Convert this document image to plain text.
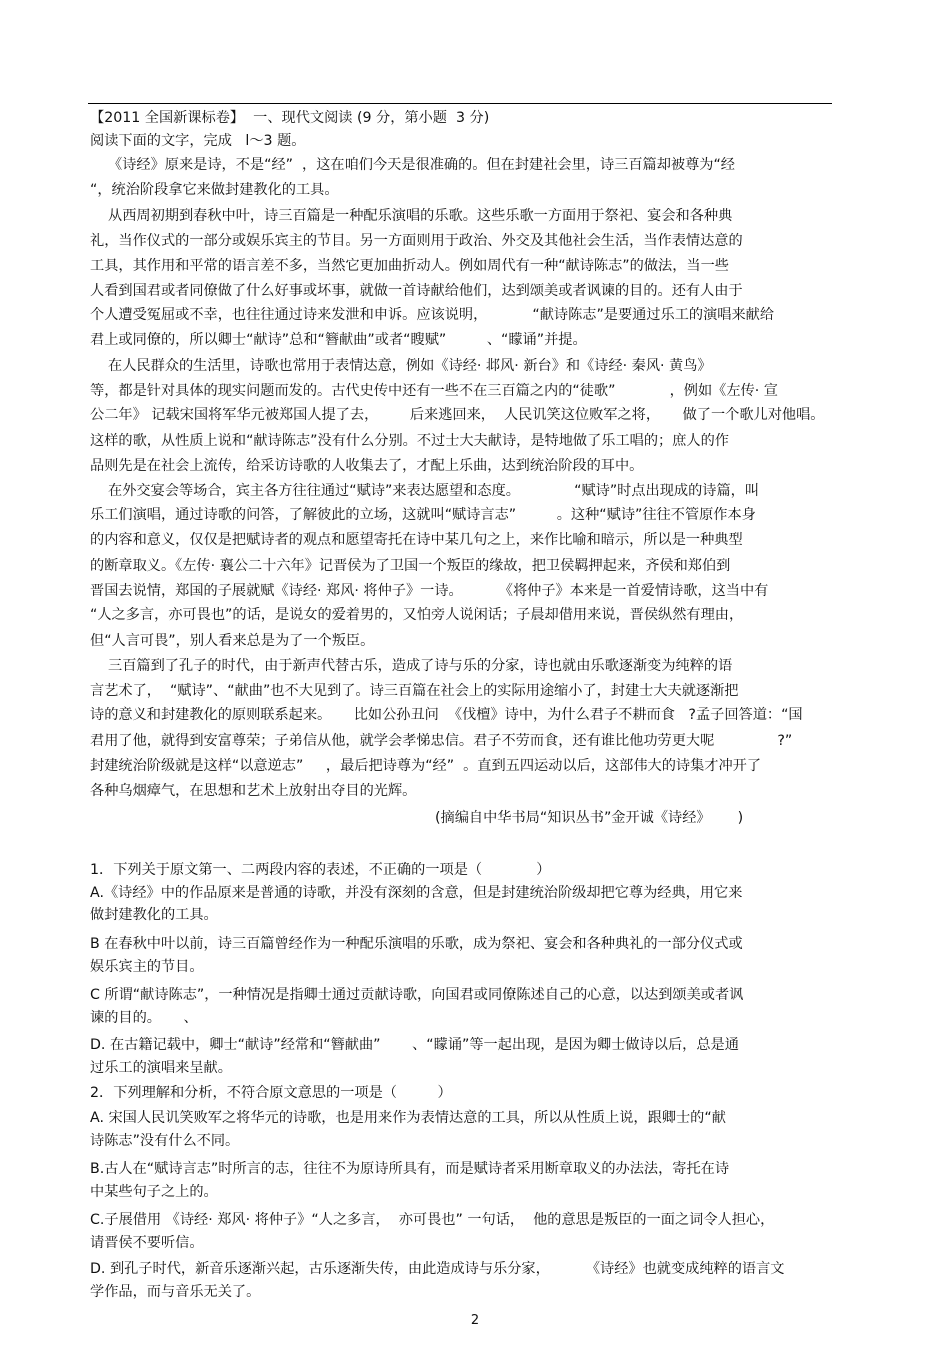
【2011 全国新课标卷】  一、现代文阅读 (9 分，第小题  3 分)
阅读下面的文字，完成   l～3 题。
《诗经》原来是诗，不是“经”  ，这在咱们今天是很准确的。但在封建社会里，诗三百篇却被尊为“经
“，统治阶段拿它来做封建教化的工具。
从西周初期到春秋中叶，诗三百篇是一种配乐演唱的乐歌。这些乐歌一方面用于祭祀、宴会和各种典
礼，当作仪式的一部分或娱乐宾主的节目。另一方面则用于政治、外交及其他社会生活，当作表情达意的
工具，其作用和平常的语言差不多，当然它更加曲折动人。例如周代有一种“献诗陈志”的做法，当一些
人看到国君或者同僚做了什么好事或坏事，就做一首诗献给他们，达到颂美或者讽谏的目的。还有人由于
个人遭受冤屈或不幸，也往往通过诗来发泄和申诉。应该说明，          “献诗陈志”是要通过乐工的演唱来献给
君上或同僚的，所以卿士“献诗”总和“簪献曲”或者“瞍赋”         、“矇诵”并提。
在人民群众的生活里，诗歌也常用于表情达意，例如《诗经· 邶风· 新台》和《诗经· 秦风· 黄鸟》
等，都是针对具体的现实问题而发的。古代史传中还有一些不在三百篇之内的“徒歌”            ，例如《左传· 宣
公二年》 记载宋国将军华元被郑国人提了去，       后来逃回来，  人民讥笑这位败军之将，     做了一个歌儿对他唱。
这样的歌，从性质上说和“献诗陈志”没有什么分别。不过士大夫献诗，是特地做了乐工唱的；庶人的作
品则先是在社会上流传，给采访诗歌的人收集去了，才配上乐曲，达到统治阶段的耳中。
在外交宴会等场合，宾主各方往往通过“赋诗”来表达愿望和态度。            “赋诗”时点出现成的诗篇，叫
乐工们演唱，通过诗歌的问答，了解彼此的立场，这就叫“赋诗言志”         。这种“赋诗”往往不管原作本身
的内容和意义，仅仅是把赋诗者的观点和愿望寄托在诗中某几句之上，来作比喻和暗示，所以是一种典型
的断章取义。《左传· 襄公二十六年》记晋侯为了卫国一个叛臣的缘故，把卫侯羁押起来，齐侯和郑伯到
晋国去说情，郑国的子展就赋《诗经· 郑风· 将仲子》一诗。        《将仲子》本来是一首爱情诗歌，这当中有
“人之多言，亦可畏也”的话，是说女的爱着男的，又怕旁人说闲话；子晨却借用来说，晋侯纵然有理由，
但“人言可畏”，别人看来总是为了一个叛臣。
三百篇到了孔子的时代，由于新声代替古乐，造成了诗与乐的分家，诗也就由乐歌逐渐变为纯粹的语
言艺术了，  “赋诗”、“献曲”也不大见到了。诗三百篇在社会上的实际用途缩小了，封建士大夫就逐渐把
诗的意义和封建教化的原则联系起来。     比如公孙丑问  《伐檀》诗中，为什么君子不耕而食   ?孟子回答道：“国
君用了他，就得到安富尊荣；子弟信从他，就学会孝悌忠信。君子不劳而食，还有谁比他功劳更大呢              ?”
封建统治阶级就是这样“以意逆志”     ，最后把诗尊为“经”  。直到五四运动以后，这部伟大的诗集才冲开了
各种乌烟瘴气，在思想和艺术上放射出夺目的光辉。
(摘编自中华书局“知识丛书”金开诚《诗经》      )
1．下列关于原文第一、二两段内容的表述，不正确的一项是（            ）
A.《诗经》中的作品原来是普通的诗歌，并没有深刻的含意，但是封建统治阶级却把它尊为经典，用它来
做封建教化的工具。
B 在春秋中叶以前，诗三百篇曾经作为一种配乐演唱的乐歌，成为祭祀、宴会和各种典礼的一部分仪式或
娱乐宾主的节目。
C 所谓“献诗陈志”，一种情况是指卿士通过贡献诗歌，向国君或同僚陈述自己的心意，以达到颂美或者讽
谏的目的。     、
D. 在古籍记载中，卿士“献诗”经常和“簪献曲”       、“矇诵”等一起出现，是因为卿士做诗以后，总是通
过乐工的演唱来呈献。
2．下列理解和分析，不符合原文意思的一项是（         ）
A. 宋国人民讥笑败军之将华元的诗歌，也是用来作为表情达意的工具，所以从性质上说，跟卿士的“献
诗陈志”没有什么不同。
B.古人在“赋诗言志”时所言的志，往往不为原诗所具有，而是赋诗者采用断章取义的办法法，寄托在诗
中某些句子之上的。
C.子展借用 《诗经· 郑风· 将仲子》“人之多言，  亦可畏也” 一句话，  他的意思是叛臣的一面之词令人担心，
请晋侯不要听信。
D. 到孔子时代，新音乐逐渐兴起，古乐逐渐失传，由此造成诗与乐分家，        《诗经》也就变成纯粹的语言文
学作品，而与音乐无关了。
2
